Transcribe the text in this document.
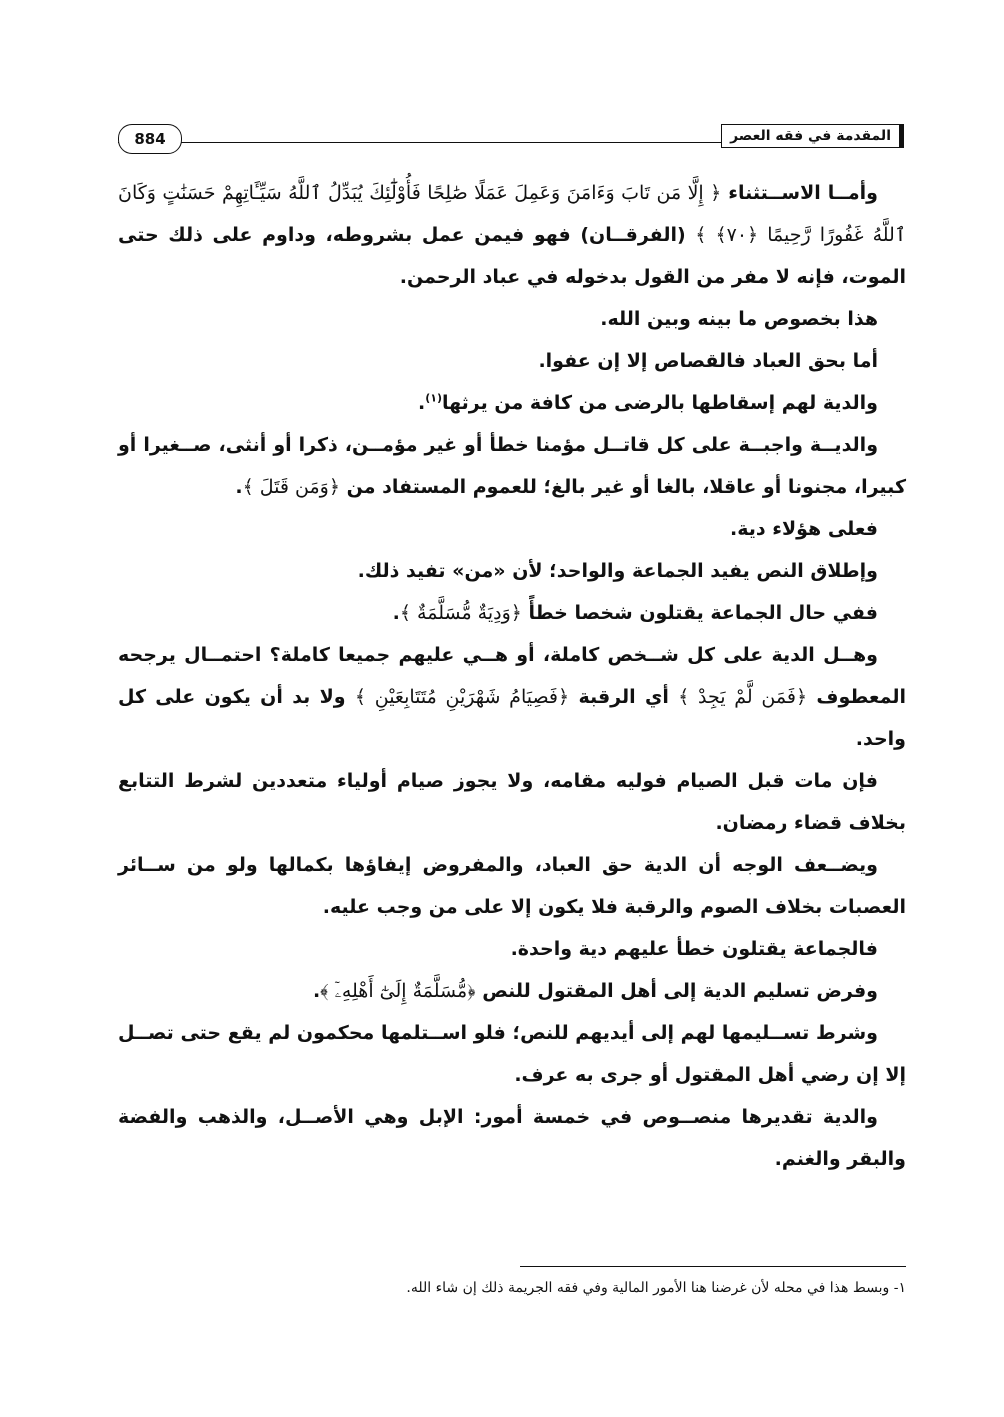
المقدمة في فقه العصر
884

وأمــا الاســتثناء ﴿ إِلَّا مَن تَابَ وَءَامَنَ وَعَمِلَ عَمَلًا صَٰلِحًا فَأُوْلَٰٓئِكَ يُبَدِّلُ ٱللَّهُ سَيِّـَٔاتِهِمْ حَسَنَٰتٍ وَكَانَ ٱللَّهُ غَفُورًا رَّحِيمًا ﴿٧٠﴾ ﴾ (الفرقــان) فهو فيمن عمل بشروطه، وداوم على ذلك حتى الموت، فإنه لا مفر من القول بدخوله في عباد الرحمن.

هذا بخصوص ما بينه وبين الله.

أما بحق العباد فالقصاص إلا إن عفوا.

والدية لهم إسقاطها بالرضى من كافة من يرثها$^{(١)}$.

والديــة واجبــة على كل قاتــل مؤمنا خطأ أو غير مؤمــن، ذكرا أو أنثى، صــغيرا أو كبيرا، مجنونا أو عاقلا، بالغا أو غير بالغ؛ للعموم المستفاد من ﴿وَمَن قَتَلَ ﴾.

فعلى هؤلاء دية.

وإطلاق النص يفيد الجماعة والواحد؛ لأن «من» تفيد ذلك.

ففي حال الجماعة يقتلون شخصا خطأً ﴿وَدِيَةٌ مُّسَلَّمَةٌ ﴾.

وهــل الدية على كل شــخص كاملة، أو هــي عليهم جميعا كاملة؟ احتمــال يرجحه المعطوف ﴿فَمَن لَّمْ يَجِدْ ﴾ أي الرقبة ﴿فَصِيَامُ شَهْرَيْنِ مُتَتَابِعَيْنِ ﴾ ولا بد أن يكون على كل واحد.

فإن مات قبل الصيام فوليه مقامه، ولا يجوز صيام أولياء متعددين لشرط التتابع بخلاف قضاء رمضان.

ويضــعف الوجه أن الدية حق العباد، والمفروض إيفاؤها بكمالها ولو من ســائر العصبات بخلاف الصوم والرقبة فلا يكون إلا على من وجب عليه.

فالجماعة يقتلون خطأ عليهم دية واحدة.

وفرض تسليم الدية إلى أهل المقتول للنص ﴿مُّسَلَّمَةٌ إِلَىٰٓ أَهْلِهِۦٓ ﴾.

وشرط تســليمها لهم إلى أيديهم للنص؛ فلو اســتلمها محكمون لم يقع حتى تصــل إلا إن رضي أهل المقتول أو جرى به عرف.

والدية تقديرها منصــوص في خمسة أمور: الإبل وهي الأصــل، والذهب والفضة والبقر والغنم.

١- وبسط هذا في محله لأن غرضنا هنا الأمور المالية وفي فقه الجريمة ذلك إن شاء الله.
